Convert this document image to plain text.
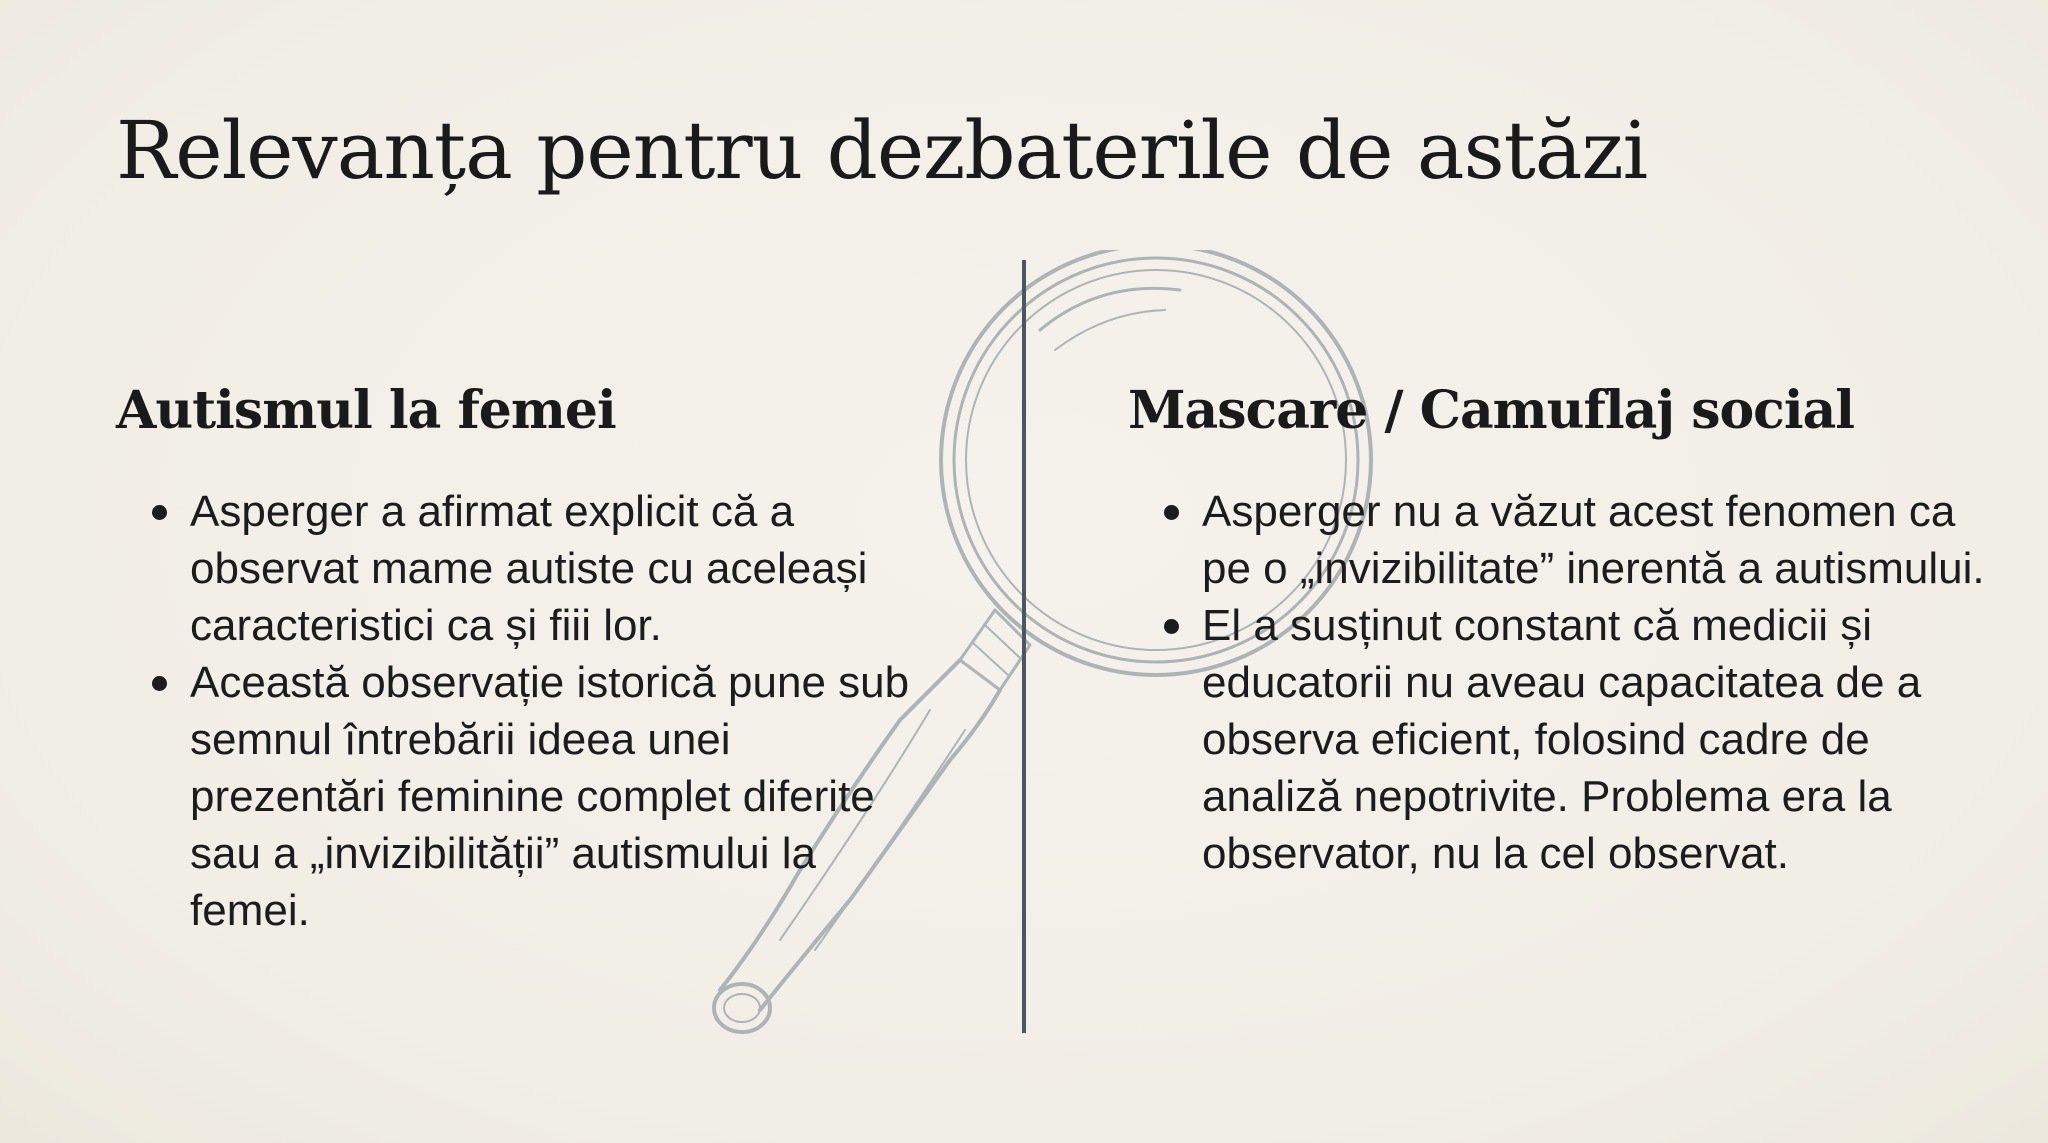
Relevanța pentru dezbaterile de astăzi
Autismul la femei
Asperger a afirmat explicit că a observat mame autiste cu aceleași caracteristici ca și fiii lor.
Această observație istorică pune sub semnul întrebării ideea unei prezentări feminine complet diferite sau a „invizibilității” autismului la femei.
Mascare / Camuflaj social
Asperger nu a văzut acest fenomen ca pe o „invizibilitate” inerentă a autismului.
El a susținut constant că medicii și educatorii nu aveau capacitatea de a observa eficient, folosind cadre de analiză nepotrivite. Problema era la observator, nu la cel observat.
